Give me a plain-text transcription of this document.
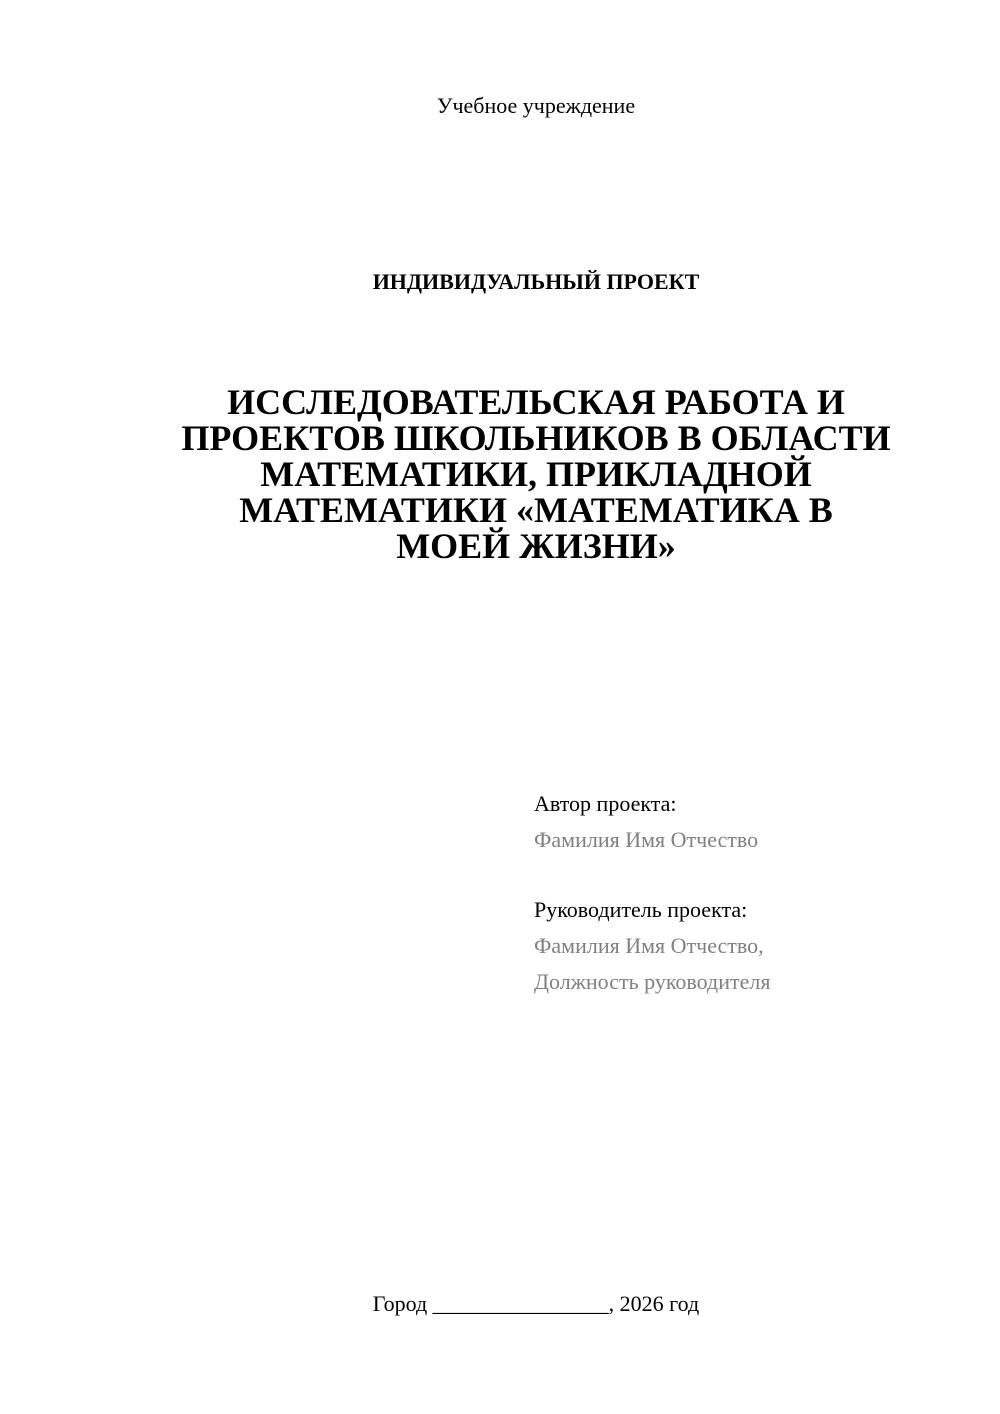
Учебное учреждение
ИНДИВИДУАЛЬНЫЙ ПРОЕКТ
ИССЛЕДОВАТЕЛЬСКАЯ РАБОТА И
ПРОЕКТОВ ШКОЛЬНИКОВ В ОБЛАСТИ
МАТЕМАТИКИ, ПРИКЛАДНОЙ
МАТЕМАТИКИ «МАТЕМАТИКА В
МОЕЙ ЖИЗНИ»
Автор проекта:
Фамилия Имя Отчество
Руководитель проекта:
Фамилия Имя Отчество,
Должность руководителя
Город ________________, 2026 год
